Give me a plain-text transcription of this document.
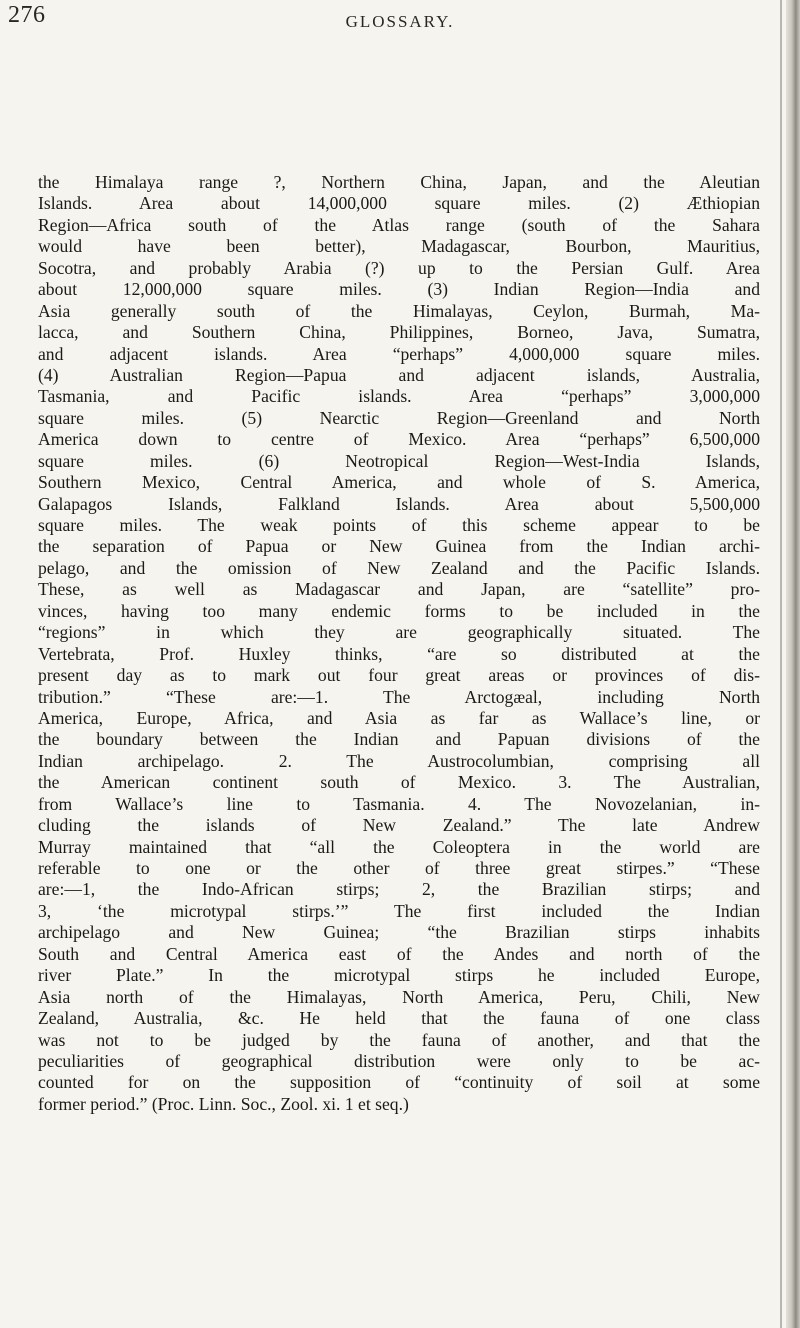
276	GLOSSARY.
the Himalaya range ?, Northern China, Japan, and the Aleutian
Islands. Area about 14,000,000 square miles. (2) Æthiopian
Region—Africa south of the Atlas range (south of the Sahara
would have been better), Madagascar, Bourbon, Mauritius,
Socotra, and probably Arabia (?) up to the Persian Gulf. Area
about 12,000,000 square miles. (3) Indian Region—India and
Asia generally south of the Himalayas, Ceylon, Burmah, Ma-
lacca, and Southern China, Philippines, Borneo, Java, Sumatra,
and adjacent islands. Area “perhaps” 4,000,000 square miles.
(4) Australian Region—Papua and adjacent islands, Australia,
Tasmania, and Pacific islands. Area “perhaps” 3,000,000
square miles. (5) Nearctic Region—Greenland and North
America down to centre of Mexico. Area “perhaps” 6,500,000
square miles. (6) Neotropical Region—West-India Islands,
Southern Mexico, Central America, and whole of S. America,
Galapagos Islands, Falkland Islands. Area about 5,500,000
square miles. The weak points of this scheme appear to be
the separation of Papua or New Guinea from the Indian archi-
pelago, and the omission of New Zealand and the Pacific Islands.
These, as well as Madagascar and Japan, are “satellite” pro-
vinces, having too many endemic forms to be included in the
“regions” in which they are geographically situated. The
Vertebrata, Prof. Huxley thinks, “are so distributed at the
present day as to mark out four great areas or provinces of dis-
tribution.” “These are:—1. The Arctogæal, including North
America, Europe, Africa, and Asia as far as Wallace’s line, or
the boundary between the Indian and Papuan divisions of the
Indian archipelago. 2. The Austrocolumbian, comprising all
the American continent south of Mexico. 3. The Australian,
from Wallace’s line to Tasmania. 4. The Novozelanian, in-
cluding the islands of New Zealand.” The late Andrew
Murray maintained that “all the Coleoptera in the world are
referable to one or the other of three great stirpes.” “These
are:—1, the Indo-African stirps; 2, the Brazilian stirps; and
3, ‘the microtypal stirps.’” The first included the Indian
archipelago and New Guinea; “the Brazilian stirps inhabits
South and Central America east of the Andes and north of the
river Plate.” In the microtypal stirps he included Europe,
Asia north of the Himalayas, North America, Peru, Chili, New
Zealand, Australia, &c. He held that the fauna of one class
was not to be judged by the fauna of another, and that the
peculiarities of geographical distribution were only to be ac-
counted for on the supposition of “continuity of soil at some
former period.” (Proc. Linn. Soc., Zool. xi. 1 et seq.)
